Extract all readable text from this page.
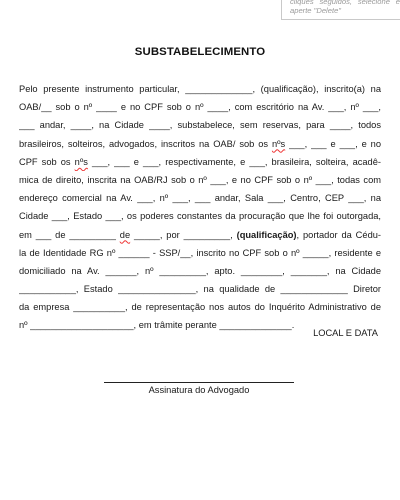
cliques seguidos, selecione e aperte "Delete"
SUBSTABELECIMENTO
Pelo presente instrumento particular, _____________, (qualificação), inscrito(a) na
OAB/__ sob o nº ____ e no CPF sob o nº ____, com escritório na Av. ___, nº ___,
___ andar, ____, na Cidade ____, substabelece, sem reservas, para ____, todos
brasileiros, solteiros, advogados, inscritos na OAB/ sob os nºs ___, ___ e ___, e no
CPF sob os nºs ___, ___ e ___, respectivamente, e ___, brasileira, solteira, acadê-
mica de direito, inscrita na OAB/RJ sob o nº ___, e no CPF sob o nº ___, todas com
endereço comercial na Av. ___, nº ___, ___ andar, Sala ___, Centro, CEP ___, na
Cidade ___, Estado ___, os poderes constantes da procuração que lhe foi outorgada,
em ___ de _________ de _____, por _________, (qualificação), portador da Cédu-
la de Identidade RG nº ______ - SSP/__, inscrito no CPF sob o nº _____, residente e
domiciliado na Av. ______, nº _________, apto. ________, _______, na Cidade
___________, Estado _______________, na qualidade de _____________ Diretor
da empresa __________, de representação nos autos do Inquérito Administrativo de
nº ____________________, em trâmite perante ______________.
LOCAL E DATA
Assinatura do Advogado
